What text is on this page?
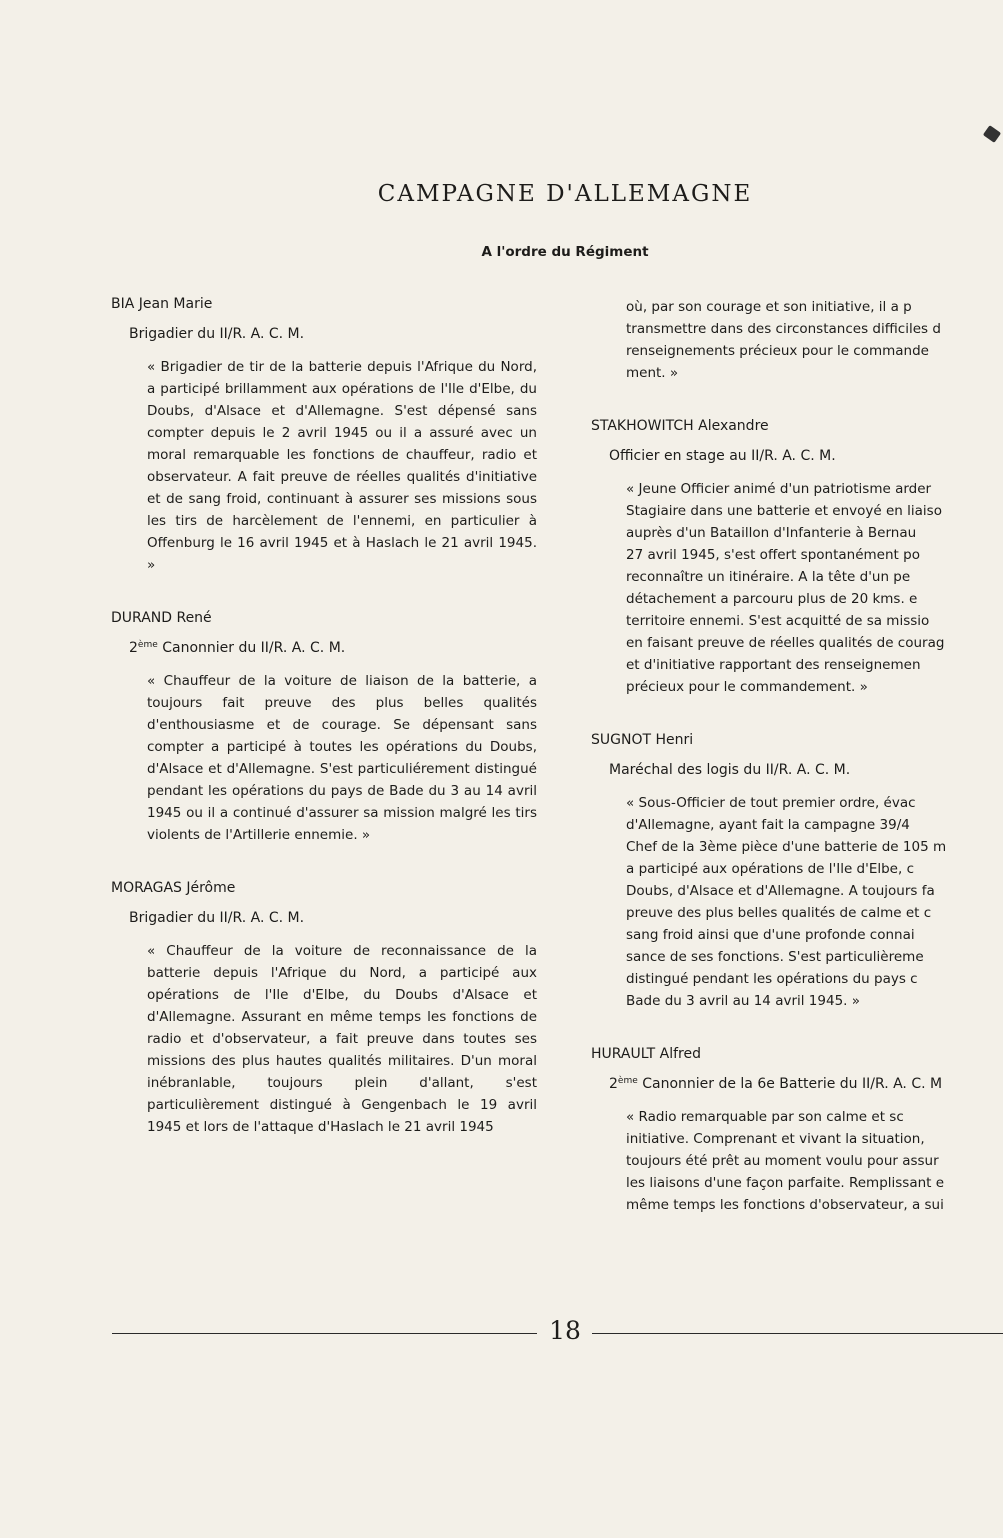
CAMPAGNE D'ALLEMAGNE
A l'ordre du Régiment

BIA Jean Marie

Brigadier du II/R. A. C. M.

« Brigadier de tir de la batterie depuis l'Afrique du Nord, a participé brillamment aux opérations de l'Ile d'Elbe, du Doubs, d'Alsace et d'Allemagne. S'est dépensé sans compter depuis le 2 avril 1945 ou il a assuré avec un moral remarquable les fonctions de chauffeur, radio et observateur. A fait preuve de réelles qualités d'initiative et de sang froid, continuant à assurer ses missions sous les tirs de harcèlement de l'ennemi, en particulier à Offenburg le 16 avril 1945 et à Haslach le 21 avril 1945. »

DURAND René

2ème Canonnier du II/R. A. C. M.

« Chauffeur de la voiture de liaison de la batterie, a toujours fait preuve des plus belles qualités d'enthousiasme et de courage. Se dépensant sans compter a participé à toutes les opérations du Doubs, d'Alsace et d'Allemagne. S'est particuliérement distingué pendant les opérations du pays de Bade du 3 au 14 avril 1945 ou il a continué d'assurer sa mission malgré les tirs violents de l'Artillerie ennemie. »

MORAGAS Jérôme

Brigadier du II/R. A. C. M.

« Chauffeur de la voiture de reconnaissance de la batterie depuis l'Afrique du Nord, a participé aux opérations de l'Ile d'Elbe, du Doubs d'Alsace et d'Allemagne. Assurant en même temps les fonctions de radio et d'observateur, a fait preuve dans toutes ses missions des plus hautes qualités militaires. D'un moral inébranlable, toujours plein d'allant, s'est particulièrement distingué à Gengenbach le 19 avril 1945 et lors de l'attaque d'Haslach le 21 avril 1945

où, par son courage et son initiative, il a p
transmettre dans des circonstances difficiles d
renseignements précieux pour le commande
ment. »

STAKHOWITCH Alexandre

Officier en stage au II/R. A. C. M.

« Jeune Officier animé d'un patriotisme arder
Stagiaire dans une batterie et envoyé en liaiso
auprès d'un Bataillon d'Infanterie à Bernau
27 avril 1945, s'est offert spontanément po
reconnaître un itinéraire. A la tête d'un pe
détachement a parcouru plus de 20 kms. e
territoire ennemi. S'est acquitté de sa missio
en faisant preuve de réelles qualités de courag
et d'initiative rapportant des renseignemen
précieux pour le commandement. »

SUGNOT Henri

Maréchal des logis du II/R. A. C. M.

« Sous-Officier de tout premier ordre, évac
d'Allemagne, ayant fait la campagne 39/4
Chef de la 3ème pièce d'une batterie de 105 m
a participé aux opérations de l'Ile d'Elbe, c
Doubs, d'Alsace et d'Allemagne. A toujours fa
preuve des plus belles qualités de calme et c
sang froid ainsi que d'une profonde connai
sance de ses fonctions. S'est particulièreme
distingué pendant les opérations du pays c
Bade du 3 avril au 14 avril 1945. »

HURAULT Alfred

2ème Canonnier de la 6e Batterie du II/R. A. C. M

« Radio remarquable par son calme et sc
initiative. Comprenant et vivant la situation,
toujours été prêt au moment voulu pour assur
les liaisons d'une façon parfaite. Remplissant e
même temps les fonctions d'observateur, a sui
18
